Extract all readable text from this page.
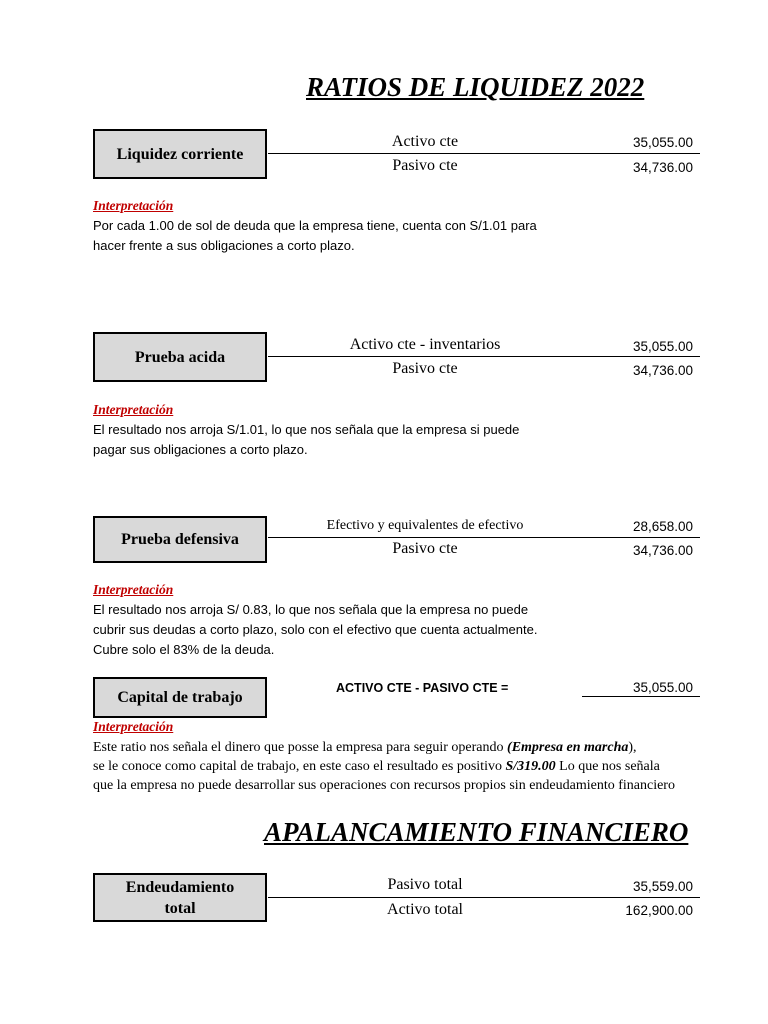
RATIOS DE LIQUIDEZ 2022
Liquidez corriente
Activo cte
Pasivo cte
35,055.00
34,736.00
Interpretación
Por cada 1.00 de sol de deuda que la empresa tiene, cuenta con S/1.01 para
hacer frente a sus obligaciones a corto plazo.
Prueba acida
Activo cte - inventarios
Pasivo cte
35,055.00
34,736.00
Interpretación
El resultado nos arroja S/1.01, lo que nos señala que la empresa si puede
pagar sus obligaciones a corto plazo.
Prueba defensiva
Efectivo y equivalentes de efectivo
Pasivo cte
28,658.00
34,736.00
Interpretación
El resultado nos arroja S/ 0.83, lo que nos señala que la empresa no puede
cubrir sus deudas a corto plazo, solo con el efectivo que cuenta actualmente.
Cubre solo el 83% de la deuda.
Capital de trabajo
ACTIVO CTE - PASIVO CTE =	35,055.00
Interpretación
Este ratio nos señala el dinero que posse la empresa para seguir operando (Empresa en marcha),
se le conoce como capital de trabajo, en este caso el resultado es positivo S/319.00 Lo que nos señala
que la empresa no puede desarrollar sus operaciones con recursos propios sin endeudamiento financiero
APALANCAMIENTO FINANCIERO
Endeudamiento
total
Pasivo total
Activo total
35,559.00
162,900.00
